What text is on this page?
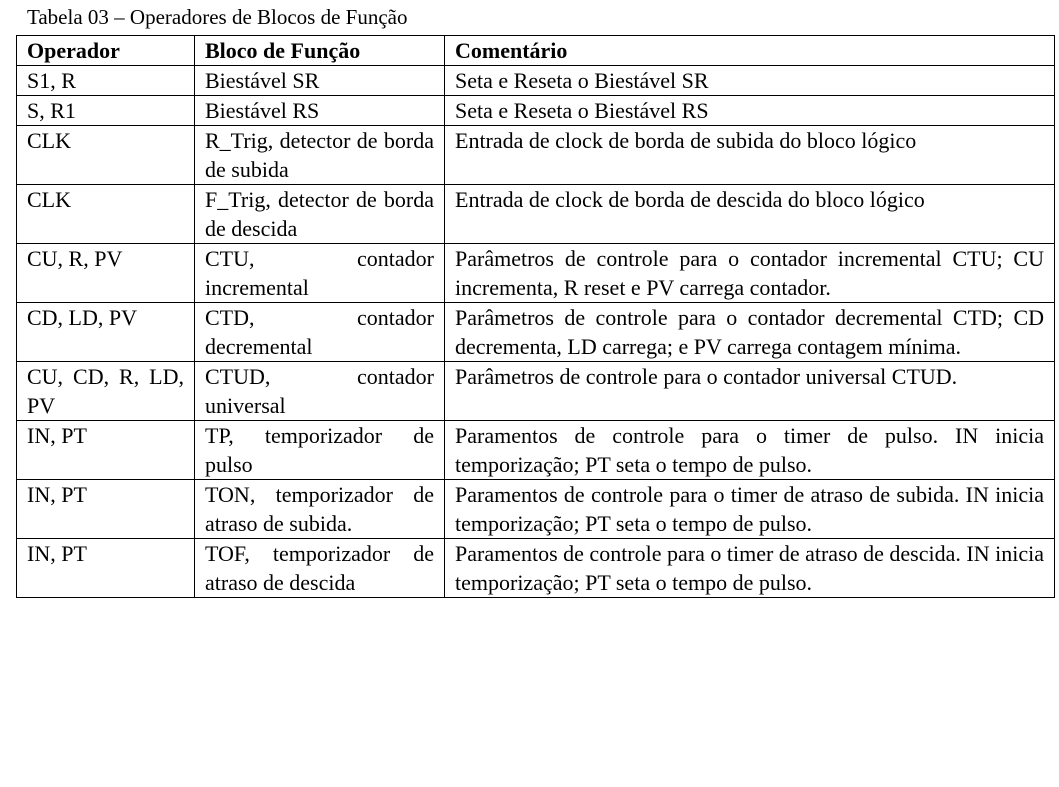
Tabela 03 – Operadores de Blocos de Função
Operador	Bloco de Função	Comentário
S1, R	Biestável SR	Seta e Reseta o Biestável SR
S, R1	Biestável RS	Seta e Reseta o Biestável RS
CLK	R_Trig, detector de borda de subida	Entrada de clock de borda de subida do bloco lógico
CLK	F_Trig, detector de borda de descida	Entrada de clock de borda de descida do bloco lógico
CU, R, PV	CTU, contador incremental	Parâmetros de controle para o contador incremental CTU; CU incrementa, R reset e PV carrega contador.
CD, LD, PV	CTD, contador decremental	Parâmetros de controle para o contador decremental CTD; CD decrementa, LD carrega; e PV carrega contagem mínima.
CU, CD, R, LD, PV	CTUD, contador universal	Parâmetros de controle para o contador universal CTUD.
IN, PT	TP, temporizador de pulso	Paramentos de controle para o timer de pulso. IN inicia temporização; PT seta o tempo de pulso.
IN, PT	TON, temporizador de atraso de subida.	Paramentos de controle para o timer de atraso de subida. IN inicia temporização; PT seta o tempo de pulso.
IN, PT	TOF, temporizador de atraso de descida	Paramentos de controle para o timer de atraso de descida. IN inicia temporização; PT seta o tempo de pulso.
